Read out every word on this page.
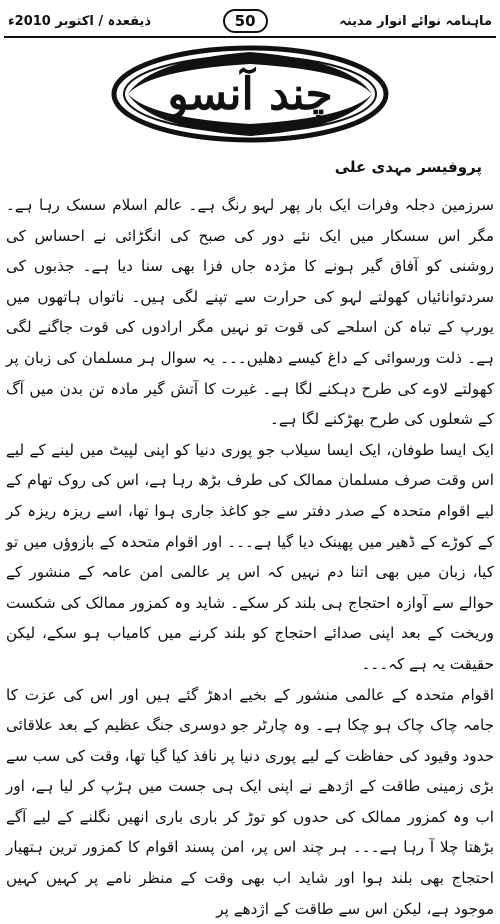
ذیقعدہ / اکتوبر 2010ء	50	ماہنامہ نوائے انوار مدینہ
چند آنسو
پروفیسر مہدی علی

سرزمین دجلہ وفرات ایک بار پھر لہو رنگ ہے۔ عالم اسلام سسک رہا ہے۔ مگر اس سسکار میں ایک نئے دور کی صبح کی انگڑائی نے احساس کی روشنی کو آفاق گیر ہونے کا مژدہ جاں فزا بھی سنا دیا ہے۔ جذبوں کی سردتوانائیاں کھولتے لہو کی حرارت سے تپنے لگی ہیں۔ ناتواں ہاتھوں میں یورپ کے تباہ کن اسلحے کی قوت تو نہیں مگر ارادوں کی قوت جاگنے لگی ہے۔ ذلت ورسوائی کے داغ کیسے دھلیں۔۔۔ یہ سوال ہر مسلمان کی زبان پر کھولتے لاوے کی طرح دہکنے لگا ہے۔ غیرت کا آتش گیر مادہ تن بدن میں آگ کے شعلوں کی طرح بھڑکنے لگا ہے۔

ایک ایسا طوفان، ایک ایسا سیلاب جو پوری دنیا کو اپنی لپیٹ میں لینے کے لیے اس وقت صرف مسلمان ممالک کی طرف بڑھ رہا ہے، اس کی روک تھام کے لیے اقوام متحدہ کے صدر دفتر سے جو کاغذ جاری ہوا تھا، اسے ریزہ ریزہ کر کے کوڑے کے ڈھیر میں پھینک دیا گیا ہے۔۔۔ اور اقوام متحدہ کے بازوؤں میں تو کیا، زبان میں بھی اتنا دم نہیں کہ اس پر عالمی امن عامہ کے منشور کے حوالے سے آوازہ احتجاج ہی بلند کر سکے۔ شاید وہ کمزور ممالک کی شکست وریخت کے بعد اپنی صدائے احتجاج کو بلند کرنے میں کامیاب ہو سکے، لیکن حقیقت یہ ہے کہ۔۔۔

اقوام متحدہ کے عالمی منشور کے بخیے ادھڑ گئے ہیں اور اس کی عزت کا جامہ چاک چاک ہو چکا ہے۔ وہ چارٹر جو دوسری جنگ عظیم کے بعد علاقائی حدود وقیود کی حفاظت کے لیے پوری دنیا پر نافذ کیا گیا تھا، وقت کی سب سے بڑی زمینی طاقت کے اژدھے نے اپنی ایک ہی جست میں ہڑپ کر لیا ہے، اور اب وہ کمزور ممالک کی حدوں کو توڑ کر باری باری انھیں نگلنے کے لیے آگے بڑھتا چلا آ رہا ہے۔۔۔ ہر چند اس پر، امن پسند اقوام کا کمزور ترین ہتھیار احتجاج بھی بلند ہوا اور شاید اب بھی وقت کے منظر نامے پر کہیں کہیں موجود ہے، لیکن اس سے طاقت کے اژدھے پر
